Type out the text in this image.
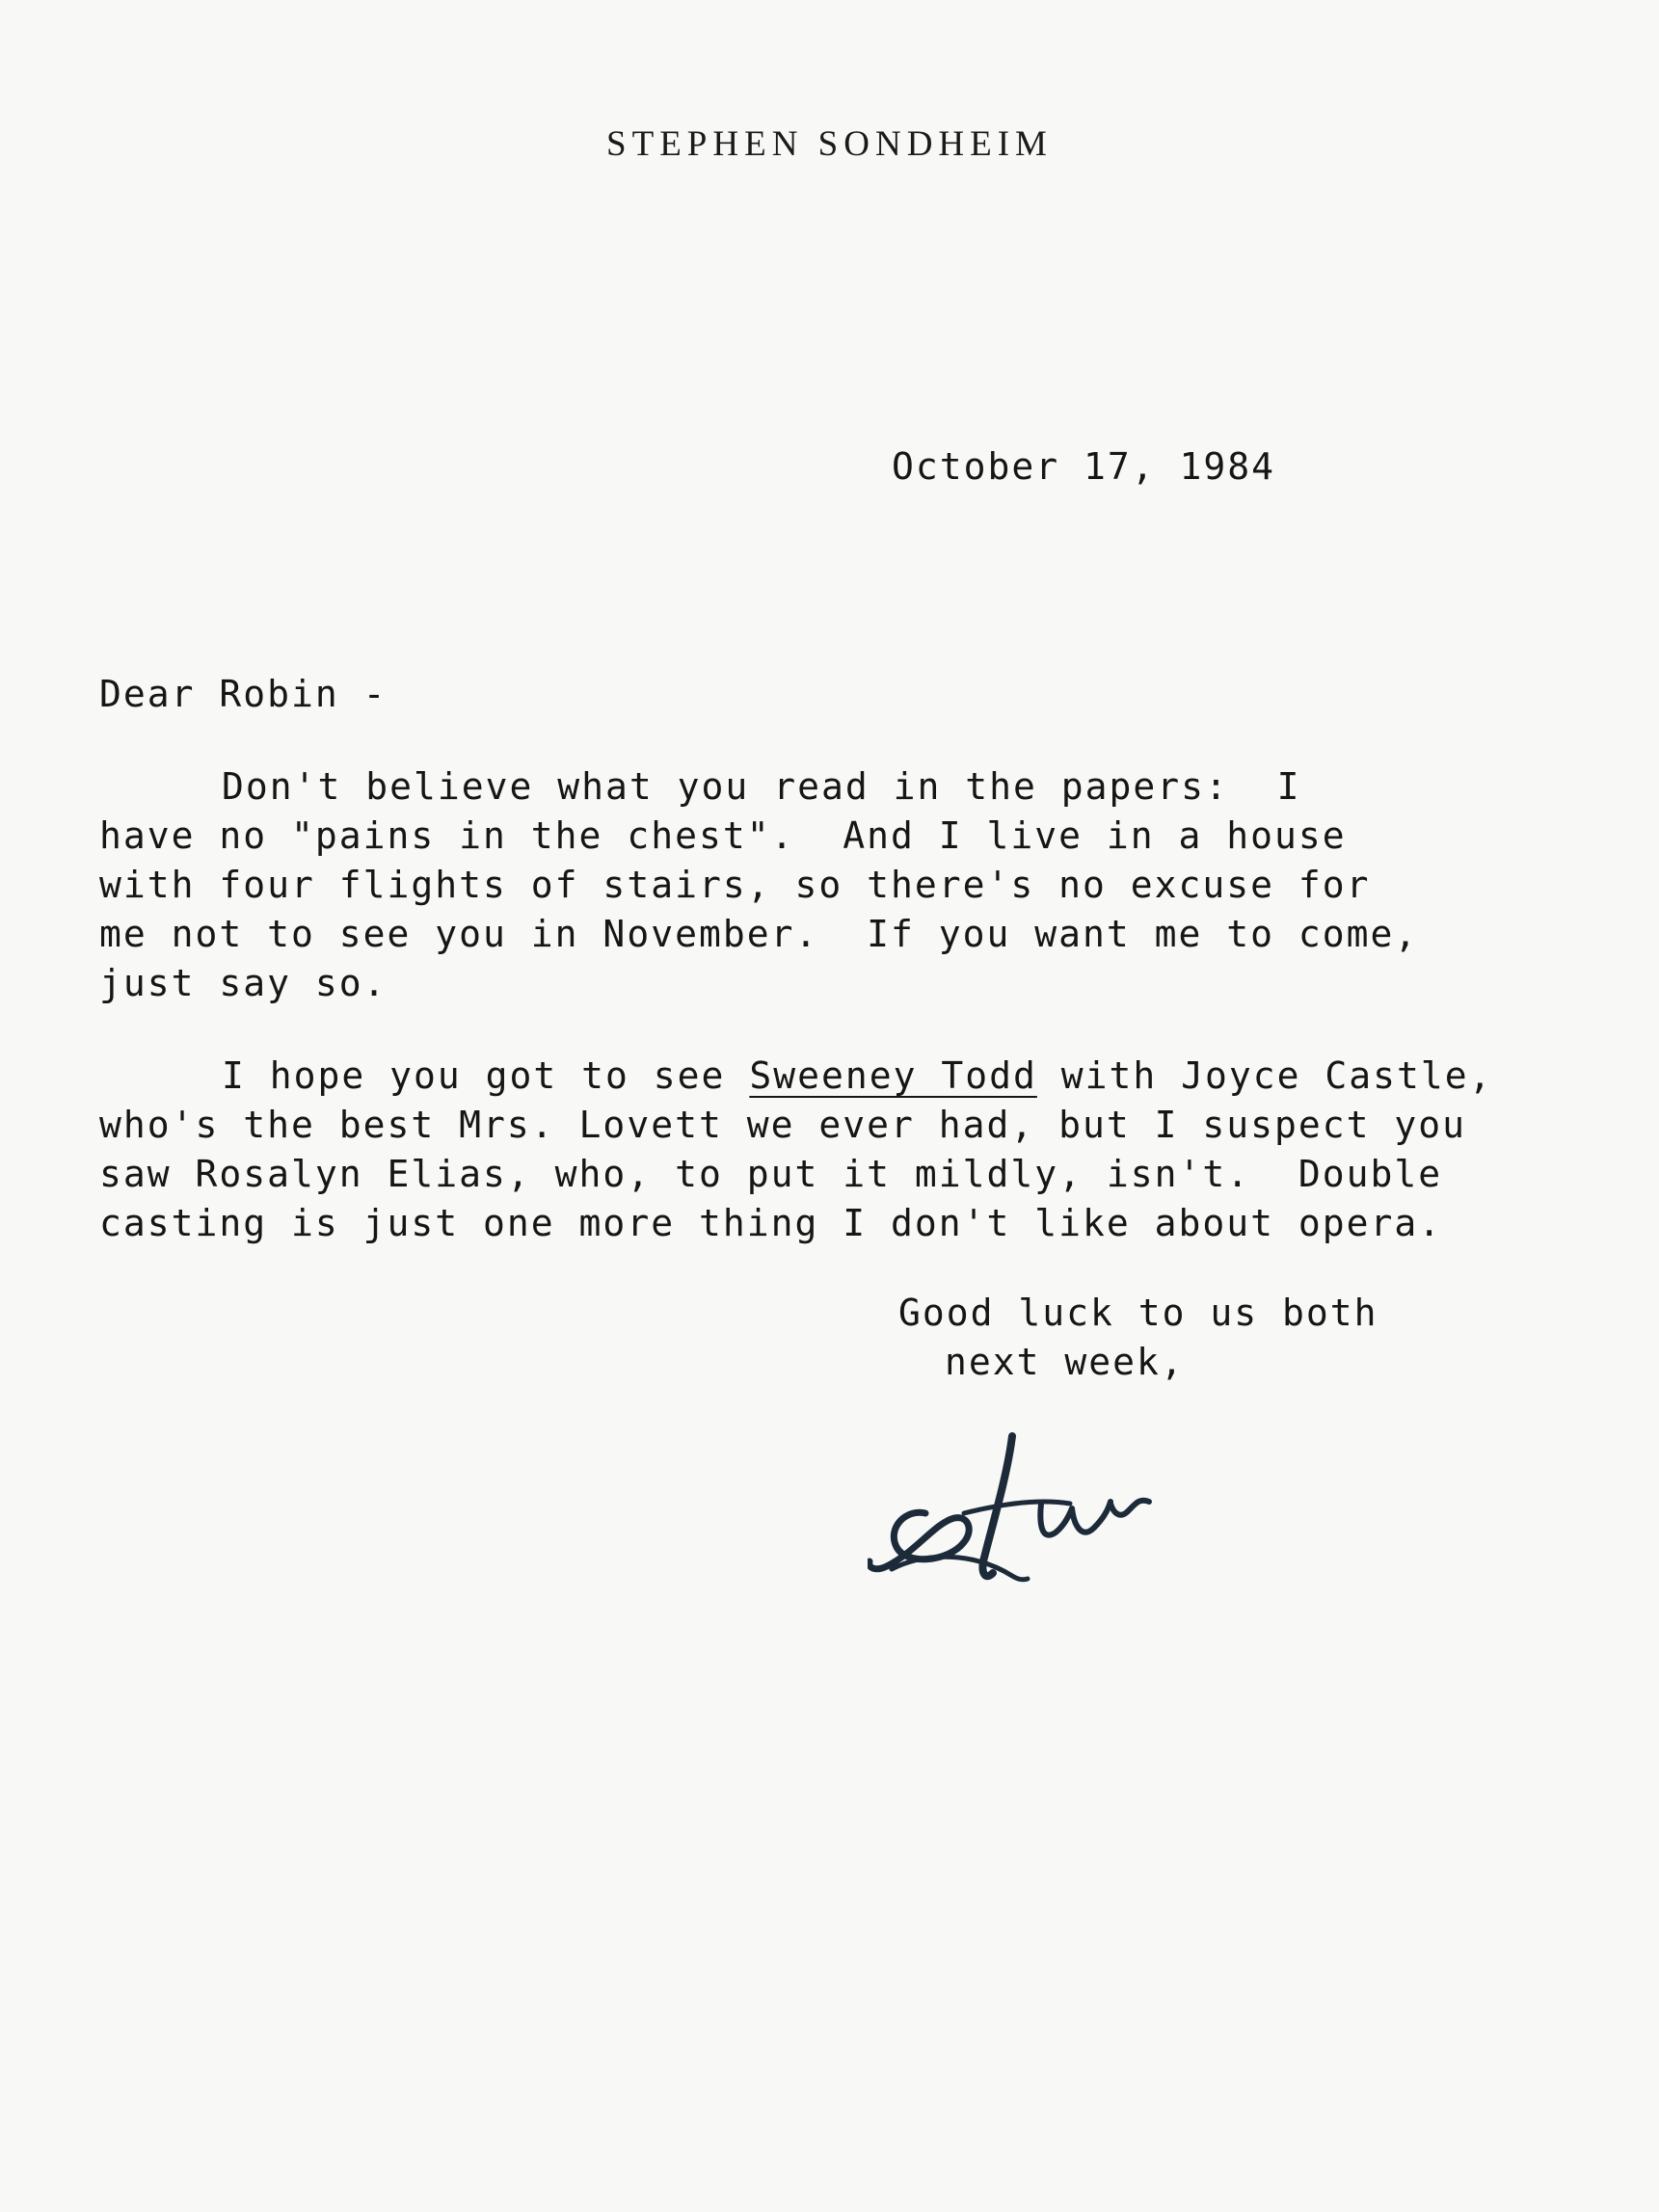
STEPHEN SONDHEIM
October 17, 1984
Dear Robin -
Don't believe what you read in the papers:  I
have no "pains in the chest".  And I live in a house
with four flights of stairs, so there's no excuse for
me not to see you in November.  If you want me to come,
just say so.
I hope you got to see Sweeney Todd with Joyce Castle,
who's the best Mrs. Lovett we ever had, but I suspect you
saw Rosalyn Elias, who, to put it mildly, isn't.  Double
casting is just one more thing I don't like about opera.
Good luck to us both
next week,
